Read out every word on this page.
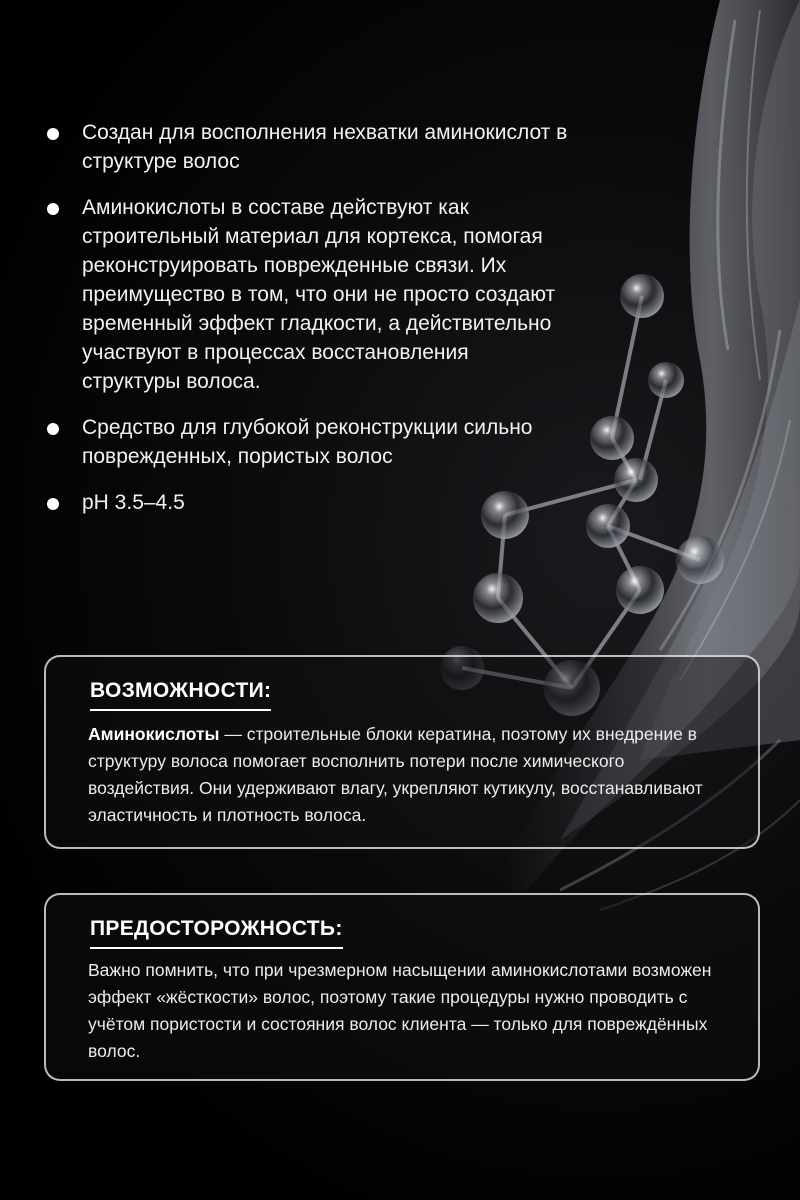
Создан для восполнения нехватки аминокислот в структуре волос
Аминокислоты в составе действуют как строительный материал для кортекса, помогая реконструировать поврежденные связи. Их преимущество в том, что они не просто создают временный эффект гладкости, а действительно участвуют в процессах восстановления структуры волоса.
Средство для глубокой реконструкции сильно поврежденных, пористых волос
pH 3.5–4.5
ВОЗМОЖНОСТИ:
Аминокислоты — строительные блоки кератина, поэтому их внедрение в структуру волоса помогает восполнить потери после химического воздействия. Они удерживают влагу, укрепляют кутикулу, восстанавливают эластичность и плотность волоса.
ПРЕДОСТОРОЖНОСТЬ:
Важно помнить, что при чрезмерном насыщении аминокислотами возможен эффект «жёсткости» волос, поэтому такие процедуры нужно проводить с учётом пористости и состояния волос клиента — только для повреждённых волос.
